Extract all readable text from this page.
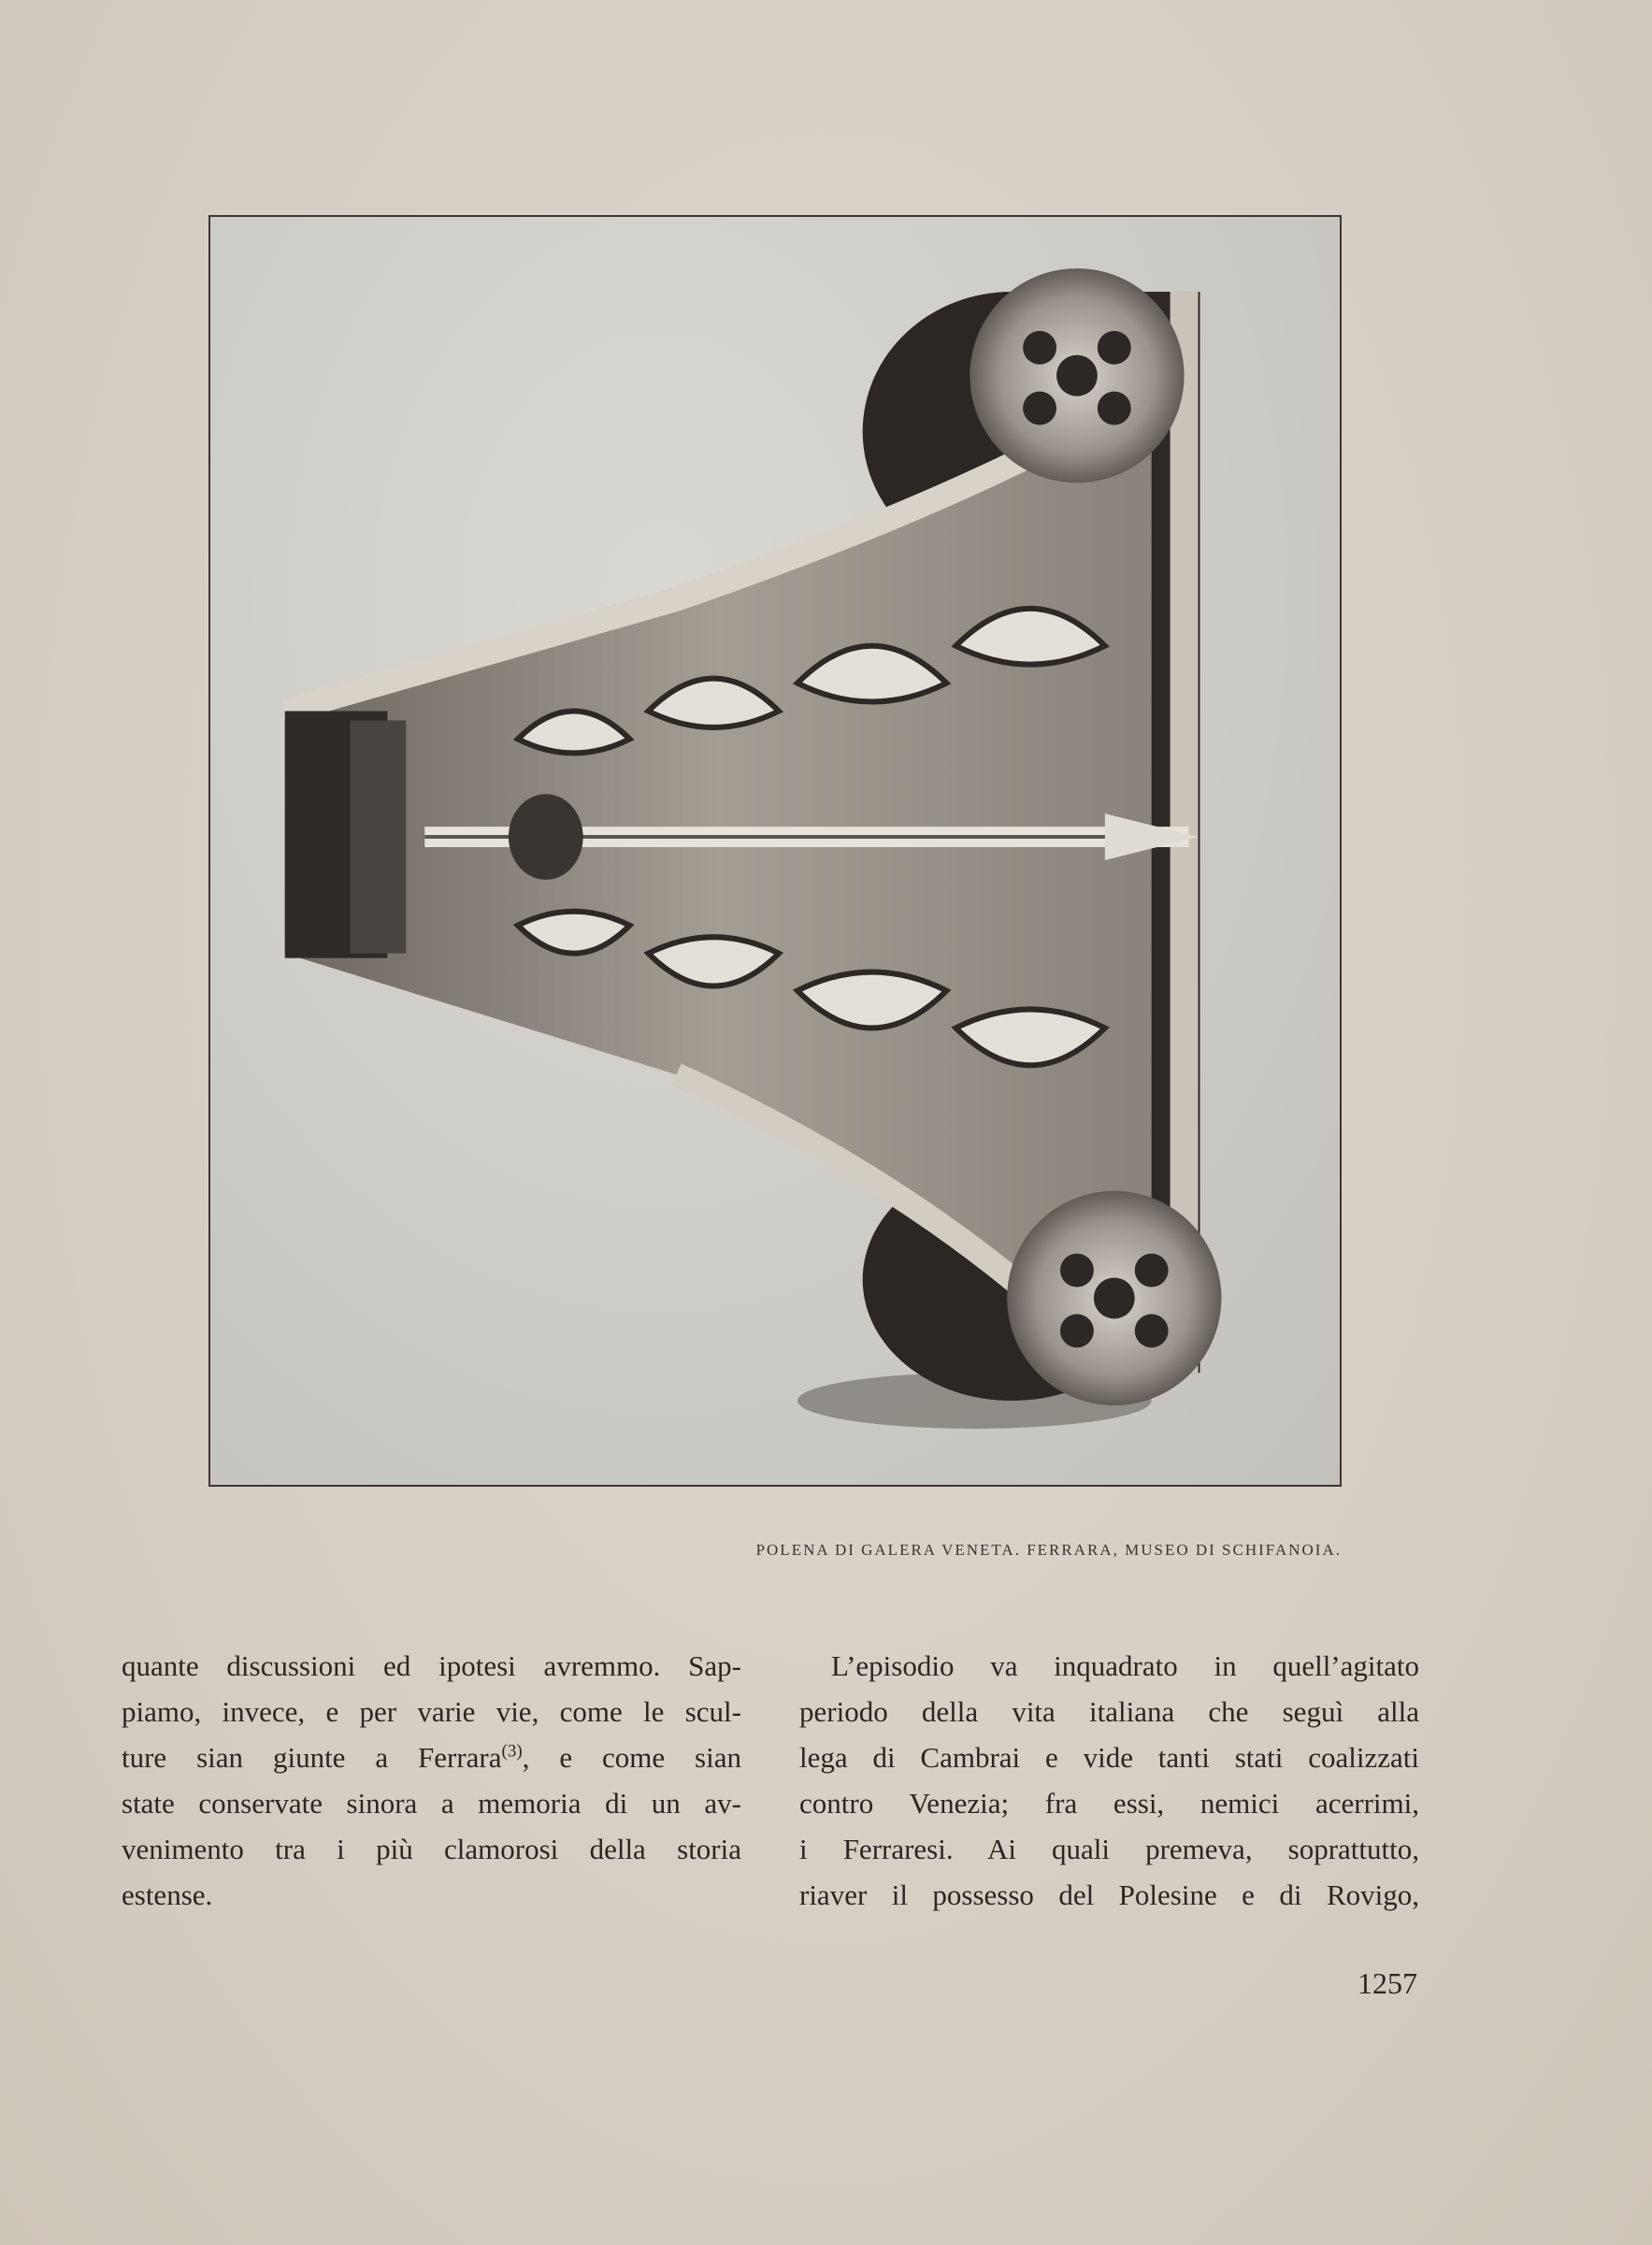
POLENA DI GALERA VENETA. FERRARA, MUSEO DI SCHIFANOIA.
quante discussioni ed ipotesi avremmo. Sap-
piamo, invece, e per varie vie, come le scul-
ture sian giunte a Ferrara$^{(3)}$, e come sian
state conservate sinora a memoria di un av-
venimento tra i più clamorosi della storia
estense.
L’episodio va inquadrato in quell’agitato
periodo della vita italiana che seguì alla
lega di Cambrai e vide tanti stati coalizzati
contro Venezia; fra essi, nemici acerrimi,
i Ferraresi. Ai quali premeva, soprattutto,
riaver il possesso del Polesine e di Rovigo,
1257
